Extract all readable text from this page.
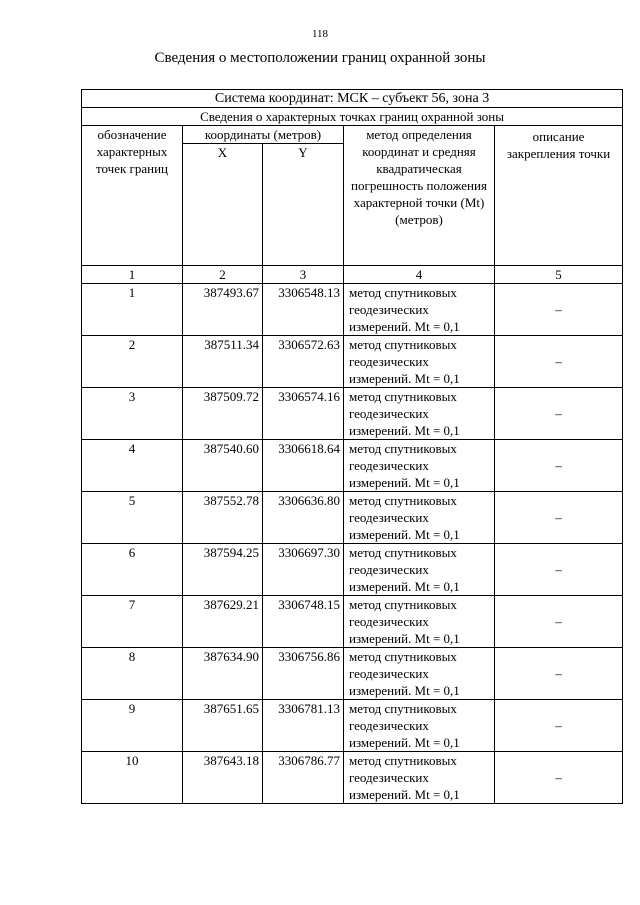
118
Сведения о местоположении границ охранной зоны
Система координат: МСК – субъект 56, зона 3				
Сведения о характерных точках границ охранной зоны				
обозначение характерных точек границ	координаты (метров)		метод определения координат и средняя квадратическая погрешность положения характерной точки (Mt) (метров)	описание закрепления точки
	X	Y		
1	2	3	4	5
1	387493.67	3306548.13	метод спутниковых геодезических измерений. Mt = 0,1	–
2	387511.34	3306572.63	метод спутниковых геодезических измерений. Mt = 0,1	–
3	387509.72	3306574.16	метод спутниковых геодезических измерений. Mt = 0,1	–
4	387540.60	3306618.64	метод спутниковых геодезических измерений. Mt = 0,1	–
5	387552.78	3306636.80	метод спутниковых геодезических измерений. Mt = 0,1	–
6	387594.25	3306697.30	метод спутниковых геодезических измерений. Mt = 0,1	–
7	387629.21	3306748.15	метод спутниковых геодезических измерений. Mt = 0,1	–
8	387634.90	3306756.86	метод спутниковых геодезических измерений. Mt = 0,1	–
9	387651.65	3306781.13	метод спутниковых геодезических измерений. Mt = 0,1	–
10	387643.18	3306786.77	метод спутниковых геодезических измерений. Mt = 0,1	–
